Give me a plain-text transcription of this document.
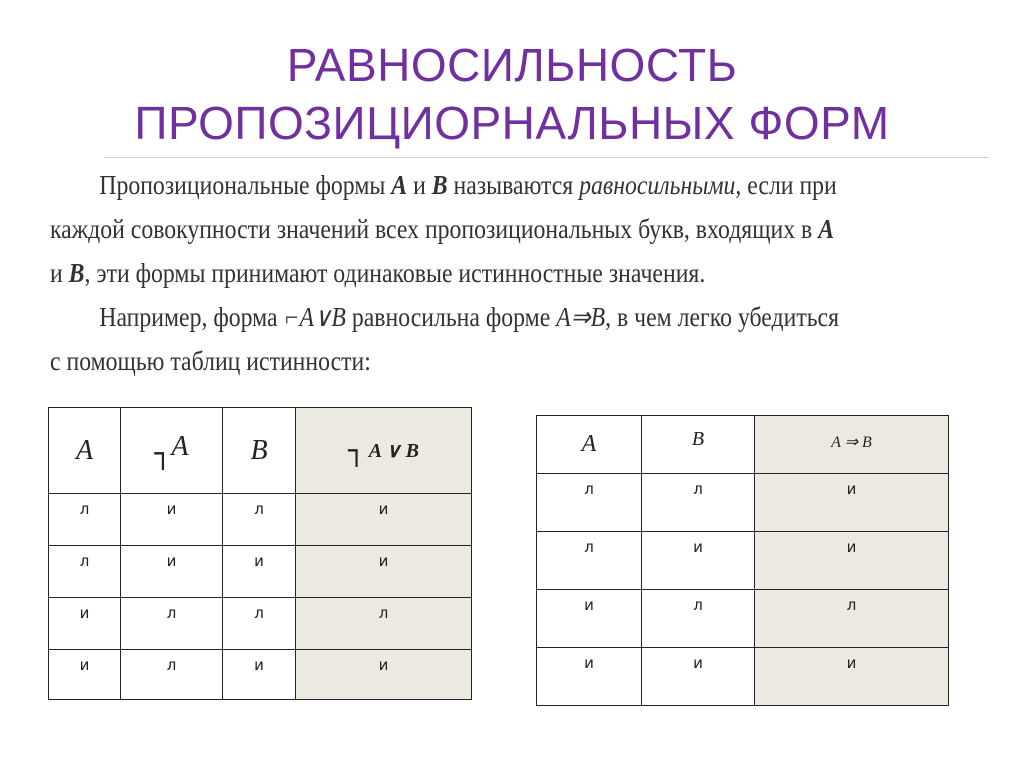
РАВНОСИЛЬНОСТЬ
ПРОПОЗИЦИОРНАЛЬНЫХ ФОРМ
Пропозициональные формы A и B называются равносильными, если при
каждой совокупности значений всех пропозициональных букв, входящих в A
и B, эти формы принимают одинаковые истинностные значения.
Например, форма ⌐A∨B равносильна форме A⇒B, в чем легко убедиться
с помощью таблиц истинности:
A	┐A	B	┐ A ∨ B
л	и	л	и
л	и	и	и
и	л	л	л
и	л	и	и
A	B	A ⇒ B
л	л	и
л	и	и
и	л	л
и	и	и
